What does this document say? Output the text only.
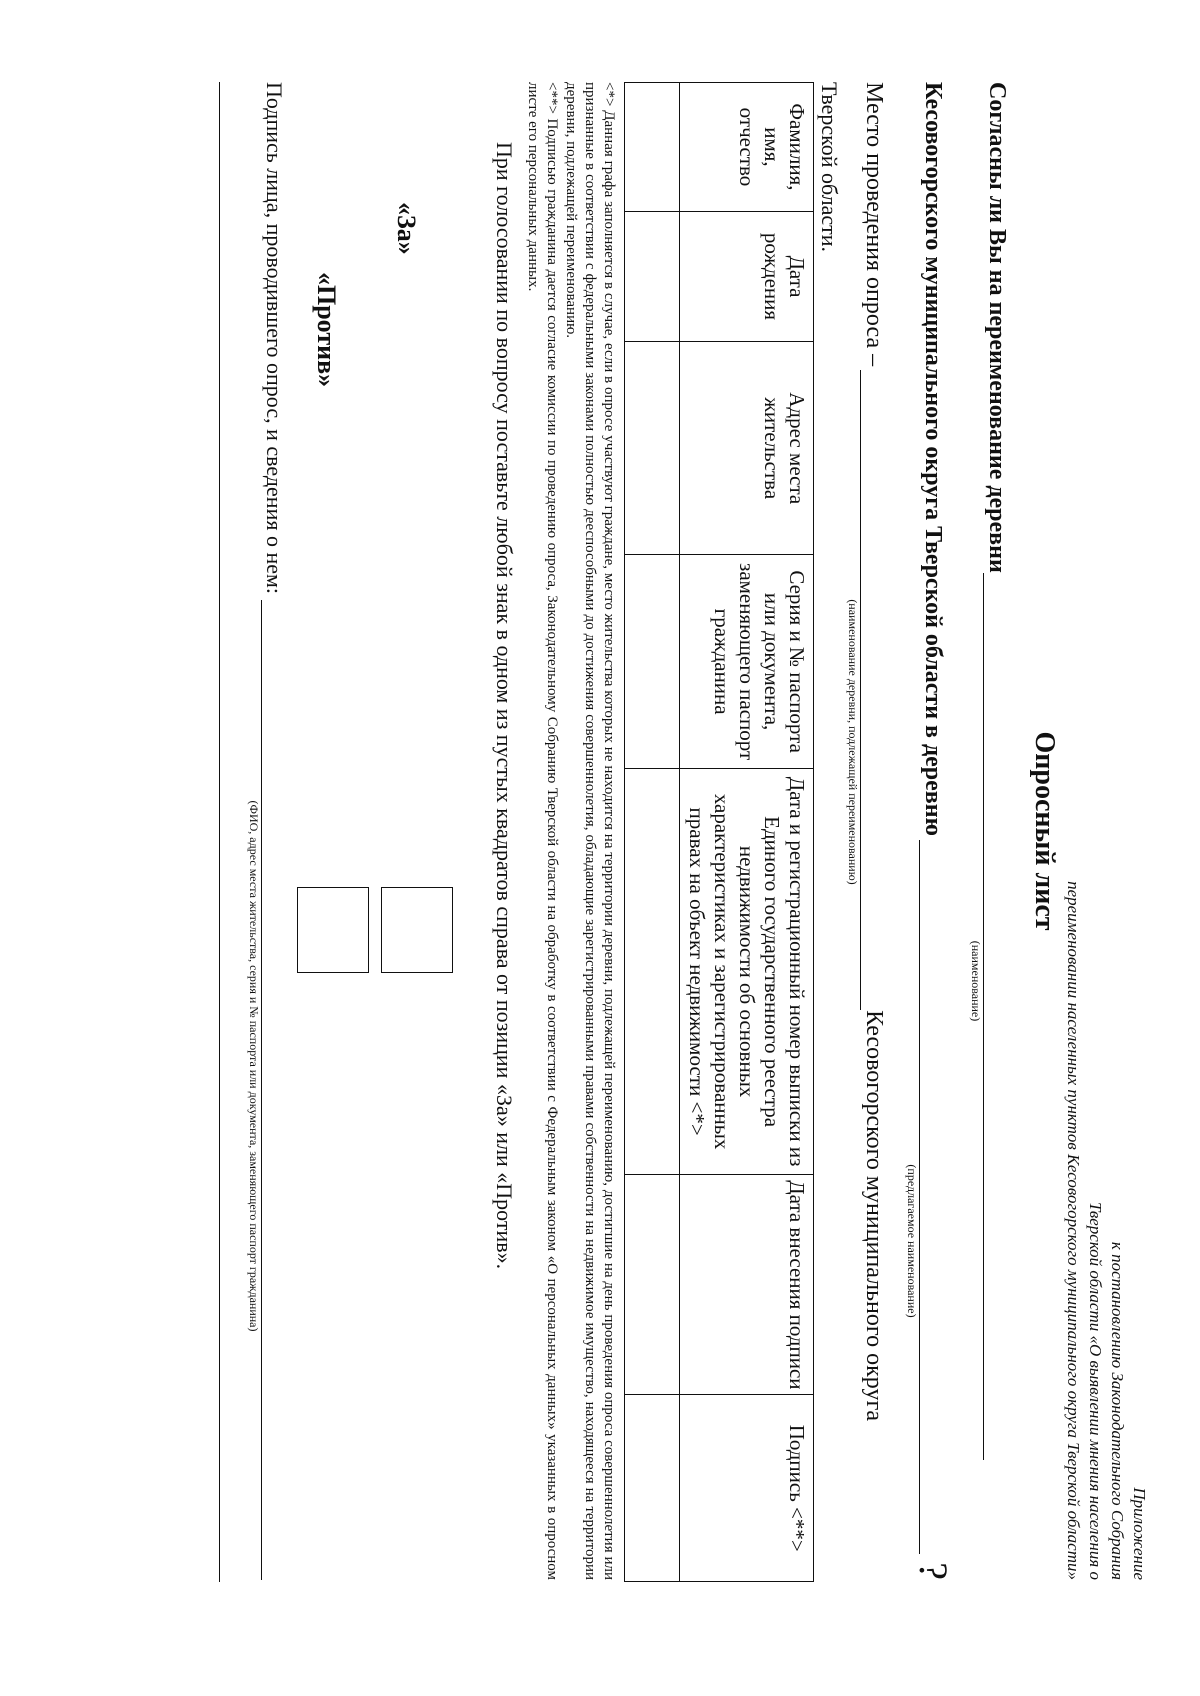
Приложение
к постановлению Законодательного Собрания
Тверской области «О выявлении мнения населения о
переименовании населенных пунктов Кесовогорского муниципального округа Тверской области»
Опросный лист
Согласны ли Вы на переименование деревни
(наименование)
Кесовогорского муниципального округа Тверской области в деревню
?
(предлагаемое наименование)
Место проведения опроса –
Кесовогорского муниципального округа
(наименование деревни, подлежащей переименованию)
Тверской области.
Фамилия, имя, отчество	Дата рождения	Адрес места жительства	Серия и № паспорта или документа, заменяющего паспорт гражданина	Дата и регистрационный номер выписки из Единого государственного реестра недвижимости об основных характеристиках и зарегистрированных правах на объект недвижимости <*>	Дата внесения подписи	Подпись <**>

<*> Данная графа заполняется в случае, если в опросе участвуют граждане, место жительства которых не находится на территории деревни, подлежащей переименованию, достигшие на день проведения опроса совершеннолетия или признанные в соответствии с федеральными законами полностью дееспособными до достижения совершеннолетия, обладающие зарегистрированными правами собственности на недвижимое имущество, находящееся на территории деревни, подлежащей переименованию.
<**> Подписью гражданина дается согласие комиссии по проведению опроса, Законодательному Собранию Тверской области на обработку в соответствии с Федеральным законом «О персональных данных» указанных в опросном листе его персональных данных.
При голосовании по вопросу поставьте любой знак в одном из пустых квадратов справа от позиции «За» или «Против».
«За»
«Против»
Подпись лица, проводившего опрос, и сведения о нем:
(ФИО, адрес места жительства, серия и № паспорта или документа, заменяющего паспорт гражданина)
